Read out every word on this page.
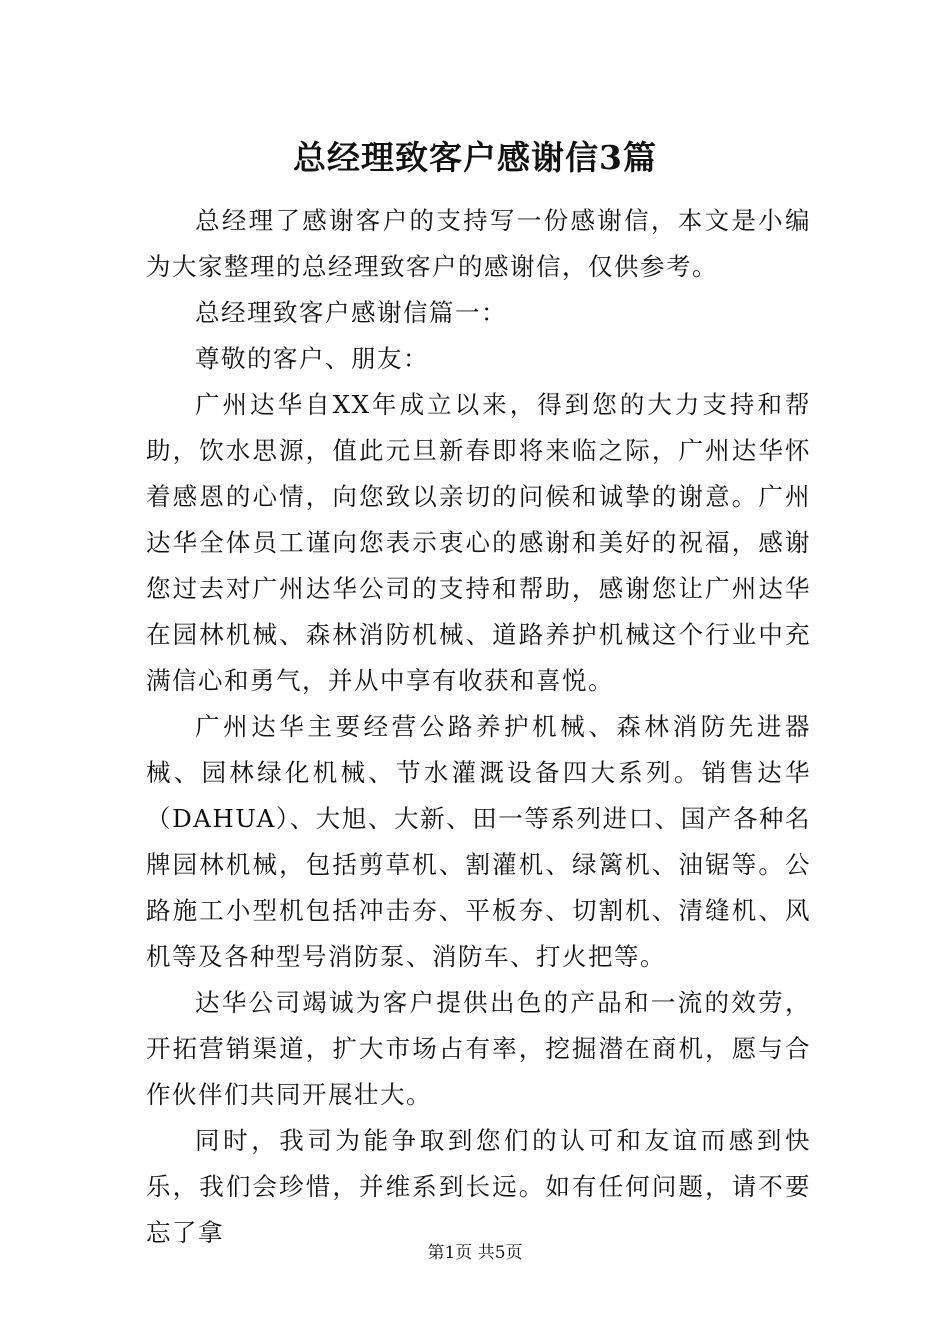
总经理致客户感谢信3篇

总经理了感谢客户的支持写一份感谢信，本文是小编为大家整理的总经理致客户的感谢信，仅供参考。

总经理致客户感谢信篇一：

尊敬的客户、朋友：

广州达华自XX年成立以来，得到您的大力支持和帮助，饮水思源，值此元旦新春即将来临之际，广州达华怀着感恩的心情，向您致以亲切的问候和诚挚的谢意。广州达华全体员工谨向您表示衷心的感谢和美好的祝福，感谢您过去对广州达华公司的支持和帮助，感谢您让广州达华在园林机械、森林消防机械、道路养护机械这个行业中充满信心和勇气，并从中享有收获和喜悦。

广州达华主要经营公路养护机械、森林消防先进器械、园林绿化机械、节水灌溉设备四大系列。销售达华（DAHUA）、大旭、大新、田一等系列进口、国产各种名牌园林机械，包括剪草机、割灌机、绿篱机、油锯等。公路施工小型机包括冲击夯、平板夯、切割机、清缝机、风机等及各种型号消防泵、消防车、打火把等。

达华公司竭诚为客户提供出色的产品和一流的效劳，开拓营销渠道，扩大市场占有率，挖掘潜在商机，愿与合作伙伴们共同开展壮大。

同时，我司为能争取到您们的认可和友谊而感到快乐，我们会珍惜，并维系到长远。如有任何问题，请不要忘了拿

第1页 共5页
